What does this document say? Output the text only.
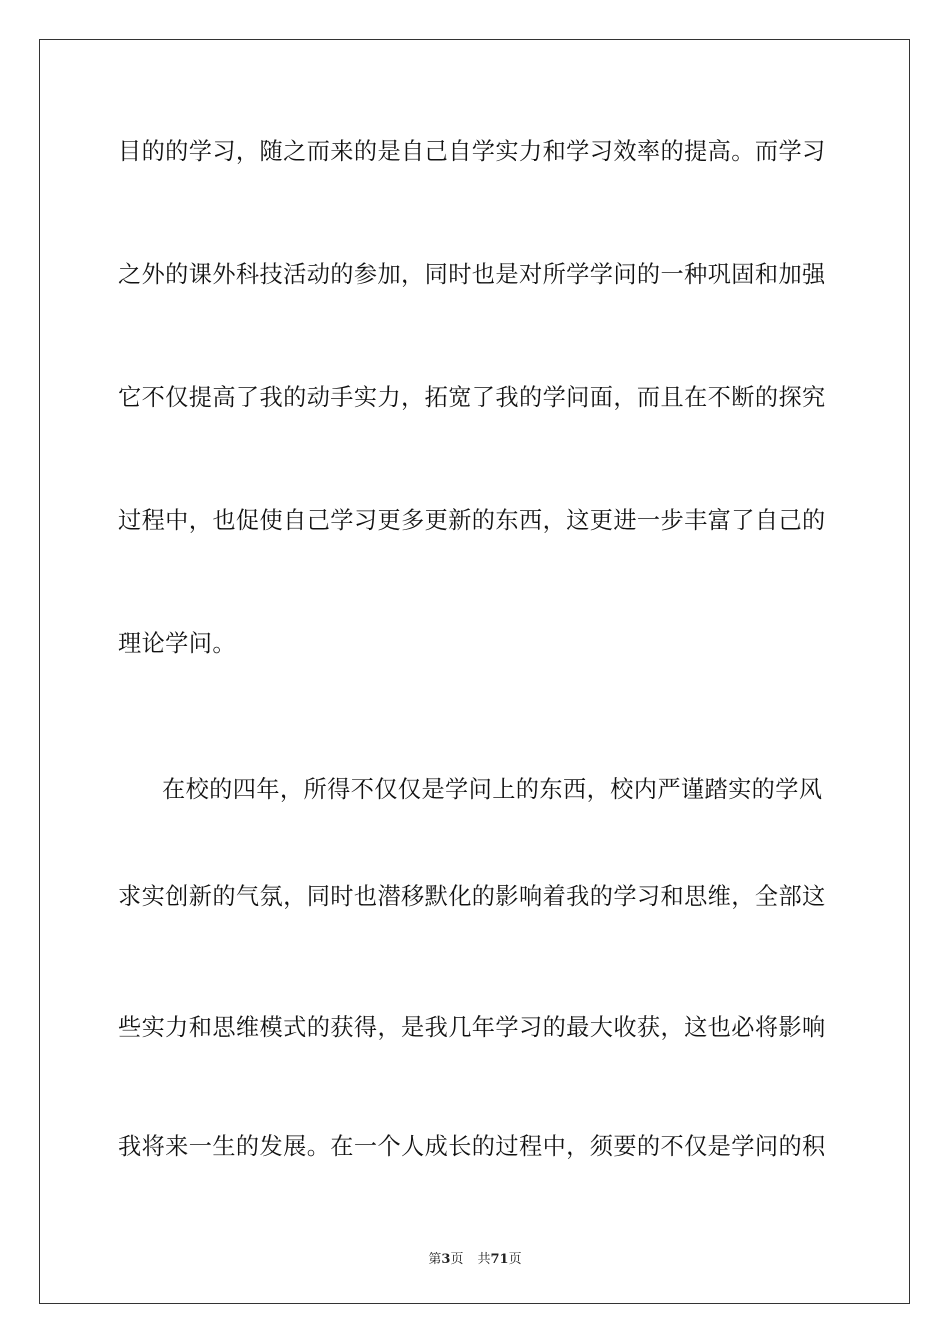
目的的学习，随之而来的是自己自学实力和学习效率的提高。而学习
之外的课外科技活动的参加，同时也是对所学学问的一种巩固和加强
它不仅提高了我的动手实力，拓宽了我的学问面，而且在不断的探究
过程中，也促使自己学习更多更新的东西，这更进一步丰富了自己的
理论学问。
在校的四年，所得不仅仅是学问上的东西，校内严谨踏实的学风
求实创新的气氛，同时也潜移默化的影响着我的学习和思维，全部这
些实力和思维模式的获得，是我几年学习的最大收获，这也必将影响
我将来一生的发展。在一个人成长的过程中，须要的不仅是学问的积
第3页 共71页
